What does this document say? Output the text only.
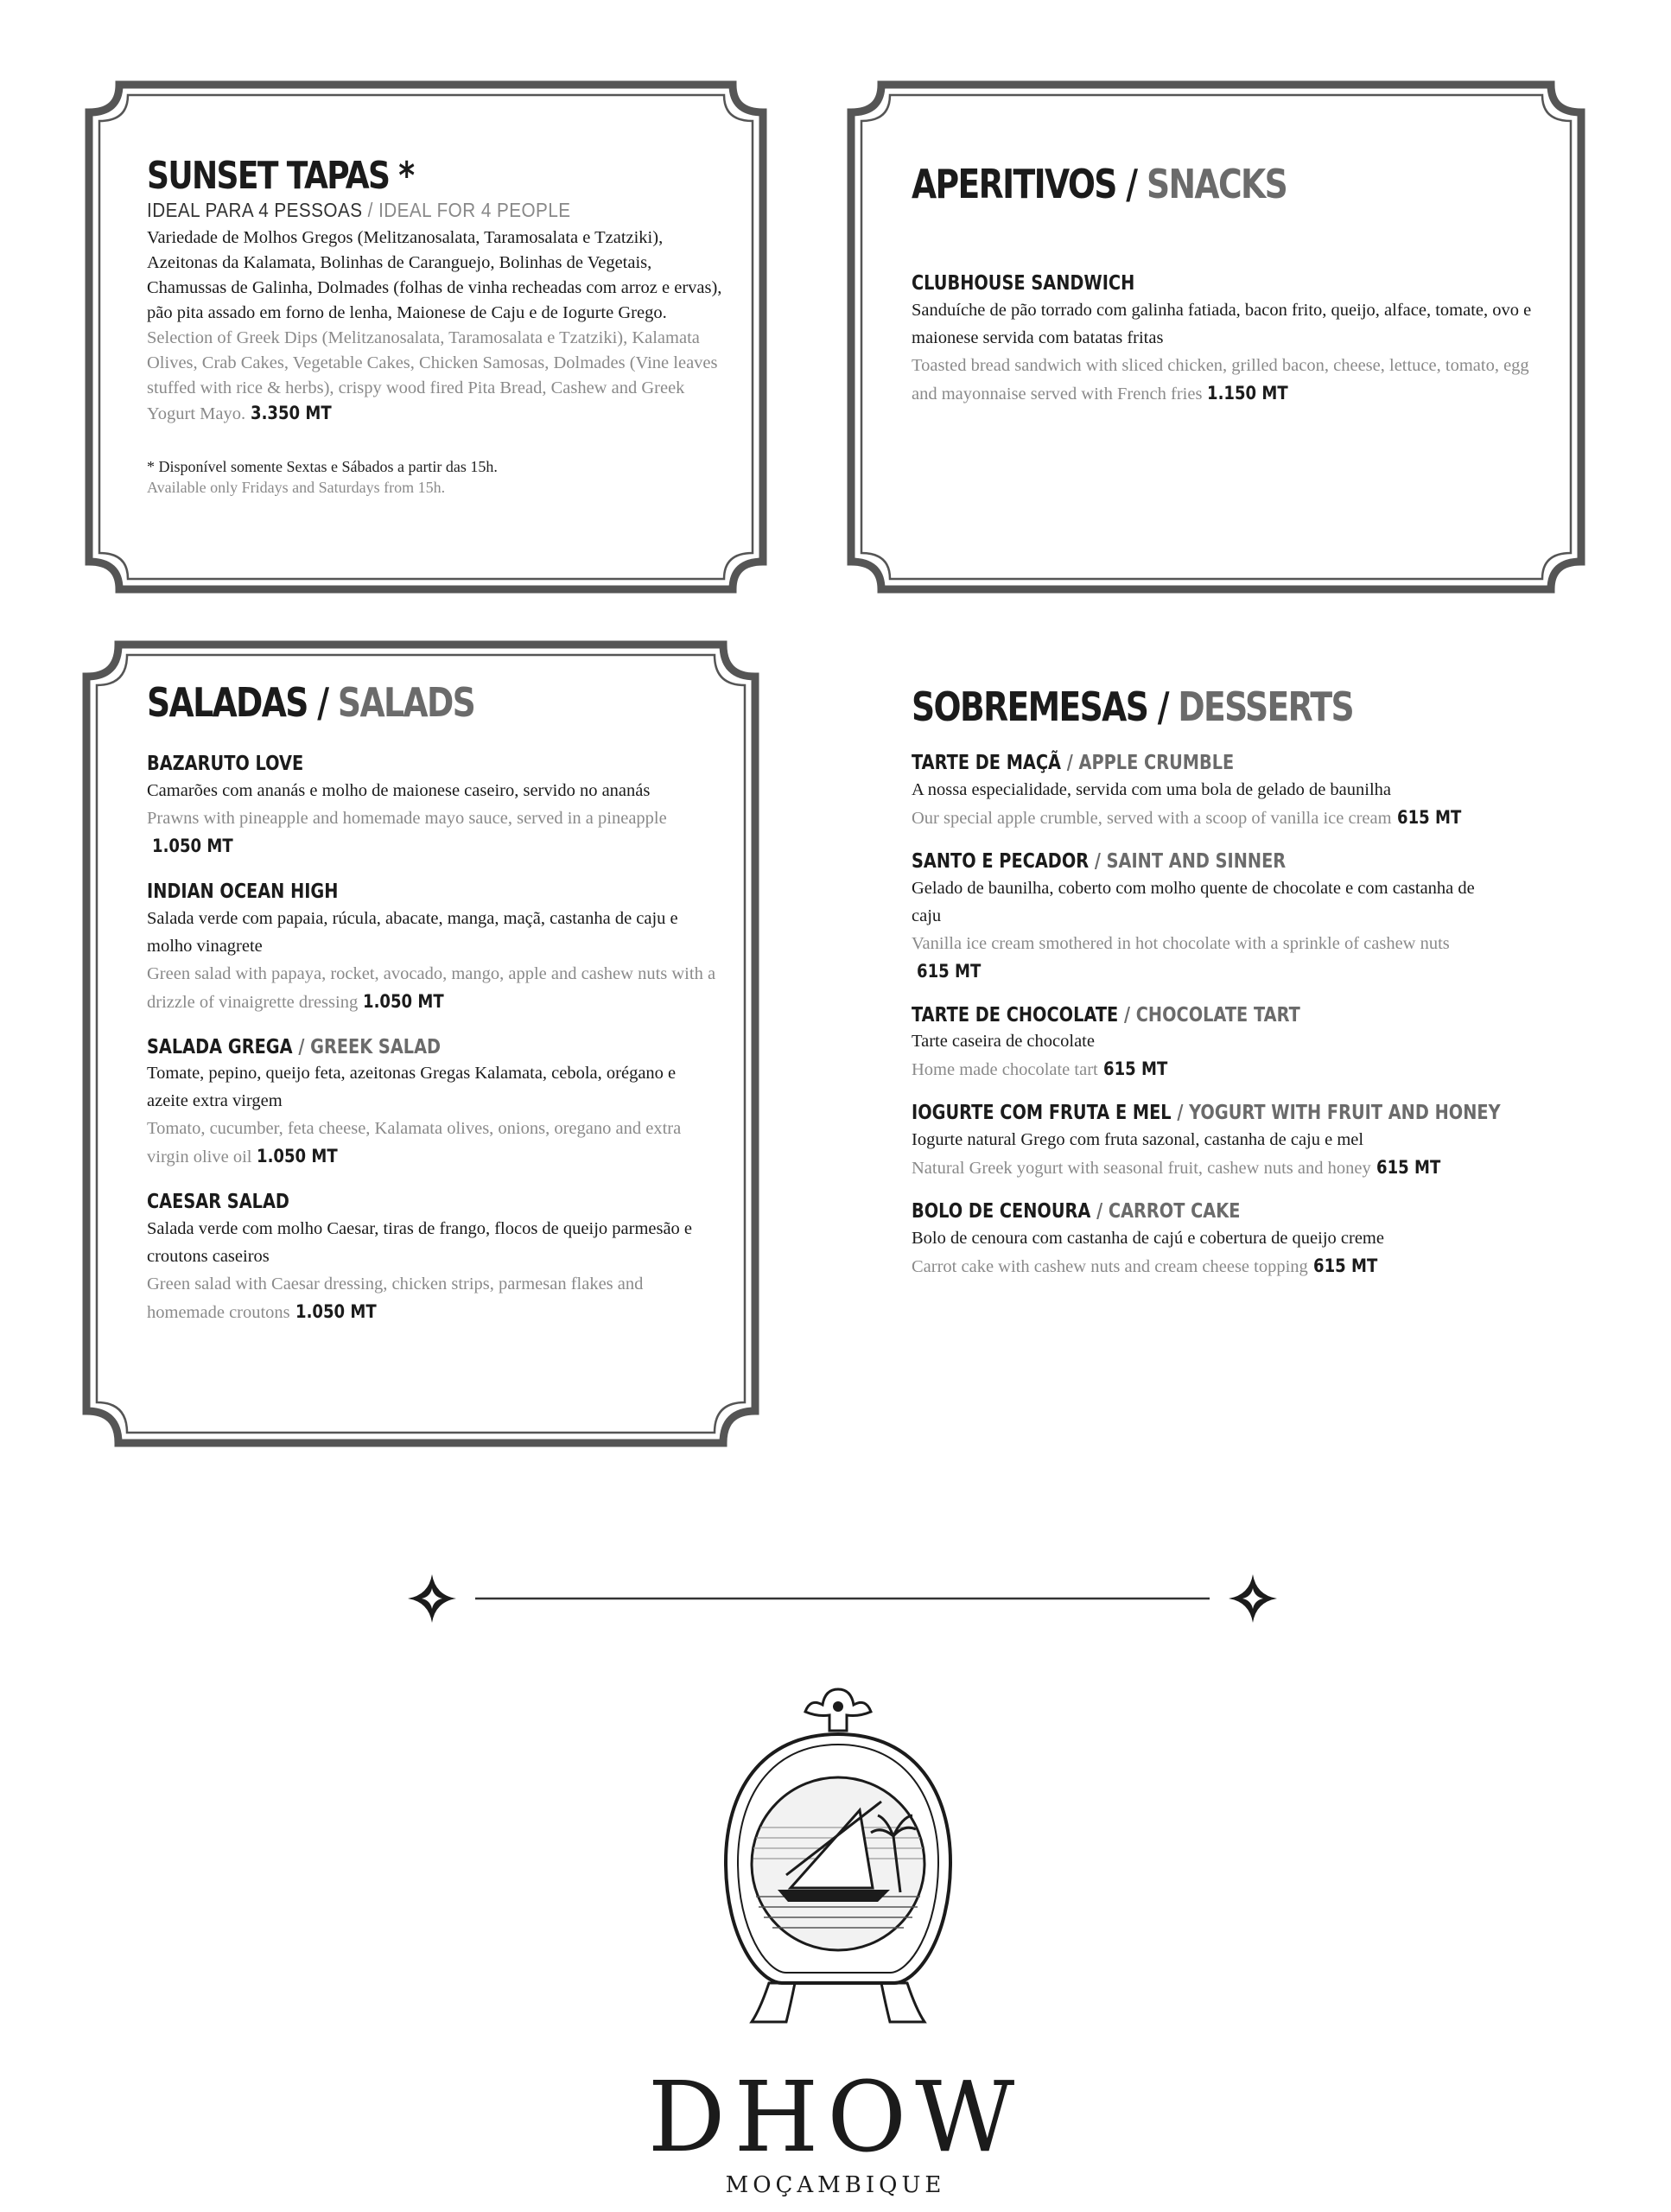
SUNSET TAPAS *
IDEAL PARA 4 PESSOAS / IDEAL FOR 4 PEOPLE
Variedade de Molhos Gregos (Melitzanosalata, Taramosalata e Tzatziki), Azeitonas da Kalamata, Bolinhas de Caranguejo, Bolinhas de Vegetais, Chamussas de Galinha, Dolmades (folhas de vinha recheadas com arroz e ervas), pão pita assado em forno de lenha, Maionese de Caju e de Iogurte Grego.
Selection of Greek Dips (Melitzanosalata, Taramosalata e Tzatziki), Kalamata Olives, Crab Cakes, Vegetable Cakes, Chicken Samosas, Dolmades (Vine leaves stuffed with rice & herbs), crispy wood fired Pita Bread, Cashew and Greek Yogurt Mayo. 3.350 MT
* Disponível somente Sextas e Sábados a partir das 15h.
Available only Fridays and Saturdays from 15h.
APERITIVOS / SNACKS
CLUBHOUSE SANDWICH
Sanduíche de pão torrado com galinha fatiada, bacon frito, queijo, alface, tomate, ovo e maionese servida com batatas fritas
Toasted bread sandwich with sliced chicken, grilled bacon, cheese, lettuce, tomato, egg and mayonnaise served with French fries 1.150 MT
SALADAS / SALADS
BAZARUTO LOVE
Camarões com ananás e molho de maionese caseiro, servido no ananás
Prawns with pineapple and homemade mayo sauce, served in a pineapple1.050 MT
INDIAN OCEAN HIGH
Salada verde com papaia, rúcula, abacate, manga, maçã, castanha de caju e molho vinagrete
Green salad with papaya, rocket, avocado, mango, apple and cashew nuts with a drizzle of vinaigrette dressing 1.050 MT
SALADA GREGA / GREEK SALAD
Tomate, pepino, queijo feta, azeitonas Gregas Kalamata, cebola, orégano e azeite extra virgem
Tomato, cucumber, feta cheese, Kalamata olives, onions, oregano and extra virgin olive oil 1.050 MT
CAESAR SALAD
Salada verde com molho Caesar, tiras de frango, flocos de queijo parmesão e croutons caseiros
Green salad with Caesar dressing, chicken strips, parmesan flakes and homemade croutons 1.050 MT
SOBREMESAS / DESSERTS
TARTE DE MAÇÃ / APPLE CRUMBLE
A nossa especialidade, servida com uma bola de gelado de baunilha
Our special apple crumble, served with a scoop of vanilla ice cream 615 MT
SANTO E PECADOR / SAINT AND SINNER
Gelado de baunilha, coberto com molho quente de chocolate e com castanha de caju
Vanilla ice cream smothered in hot chocolate with a sprinkle of cashew nuts615 MT
TARTE DE CHOCOLATE / CHOCOLATE TART
Tarte caseira de chocolate
Home made chocolate tart 615 MT
IOGURTE COM FRUTA E MEL / YOGURT WITH FRUIT AND HONEY
Iogurte natural Grego com fruta sazonal, castanha de caju e mel
Natural Greek yogurt with seasonal fruit, cashew nuts and honey 615 MT
BOLO DE CENOURA / CARROT CAKE
Bolo de cenoura com castanha de cajú e cobertura de queijo creme
Carrot cake with cashew nuts and cream cheese topping 615 MT
DHOW
MOÇAMBIQUE
